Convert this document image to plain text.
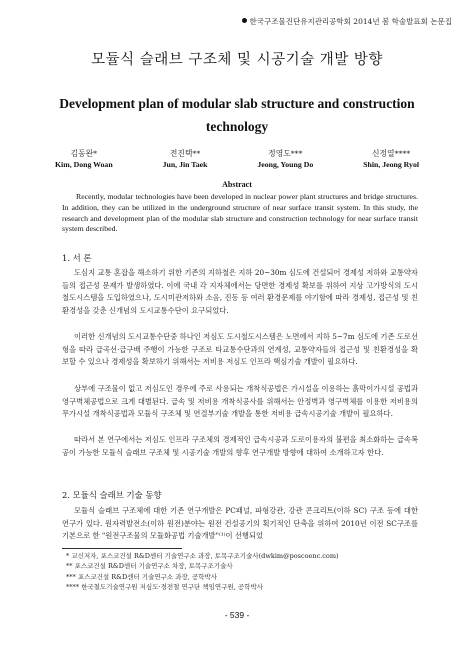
한국구조물진단유지관리공학회 2014년 봄 학술발표회 논문집
모듈식 슬래브 구조체 및 시공기술 개발 방향
Development plan of modular slab structure and construction technology
김동완*
Kim, Dong Woan
전진택**
Jun, Jin Taek
정영도***
Jeong, Young Do
신정열****
Shin, Jeong Ryol
Abstract
Recently, modular technologies have been developed in nuclear power plant structures and bridge structures. In addition, they can be utilized in the underground structure of near surface transit system. In this study, the research and development plan of the modular slab structure and construction technology for near surface transit system described.
1. 서 론
도심지 교통 혼잡을 해소하기 위한 기존의 지하철은 지하 20~30m 심도에 건설되어 경제성 저하와 교통약자들의 접근성 문제가 발생하였다. 이에 국내 각 지자체에서는 당면한 경제성 확보를 위하여 지상 고가방식의 도시철도시스템을 도입하였으나, 도시미관저하와 소음, 진동 등 여러 환경문제를 야기함에 따라 경제성, 접근성 및 친환경성을 갖춘 신개념의 도시교통수단이 요구되었다.
이러한 신개념의 도시교통수단중 하나인 저심도 도시철도시스템은 노면에서 지하 5~7m 심도에 기존 도로선형을 따라 급곡선·급구배 주행이 가능한 구조로 타교통수단과의 연계성, 교통약자들의 접근성 및 친환경성을 확보할 수 있으나 경제성을 확보하기 위해서는 저비용 저심도 인프라 핵심기술 개발이 필요하다.
상부에 구조물이 없고 저심도인 경우에 주로 사용되는 개착식공법은 가시설을 이용하는 흙막이가시설 공법과 영구벽체공법으로 크게 대별된다. 급속 및 저비용 개착식공사를 위해서는 안정벽과 영구벽체를 이용한 저비용의 무가시설 개착식공법과 모듈식 구조체 및 연결부기술 개발을 통한 저비용 급속시공기술 개발이 필요하다.
따라서 본 연구에서는 저심도 인프라 구조체의 경제적인 급속시공과 도로이용자의 불편을 최소화하는 급속복공이 가능한 모듈식 슬래브 구조체 및 시공기술 개발의 향후 연구개발 방향에 대하여 소개하고자 한다.
2. 모듈식 슬래브 기술 동향
모듈식 슬래브 구조체에 대한 기존 연구개발은 PC패널, 파형강관, 강관 콘크리트(이하 SC) 구조 등에 대한 연구가 있다. 원자력발전소(이하 원전)분야는 원전 건설공기의 획기적인 단축을 위하여 2010년 이전 SC구조를 기본으로 한 "원전구조물의 모듈화공법 기술개발"⁽¹⁾이 선행되었
* 교신저자, 포스코건설 R&D센터 기술연구소 과장, 토목구조기술사(dwkim@poscoenc.com)
** 포스코건설 R&D센터 기술연구소 차장, 토목구조기술사
*** 포스코건설 R&D센터 기술연구소 과장, 공학박사
**** 한국철도기술연구원 저심도·경전철 연구단 책임연구원, 공학박사
- 539 -
